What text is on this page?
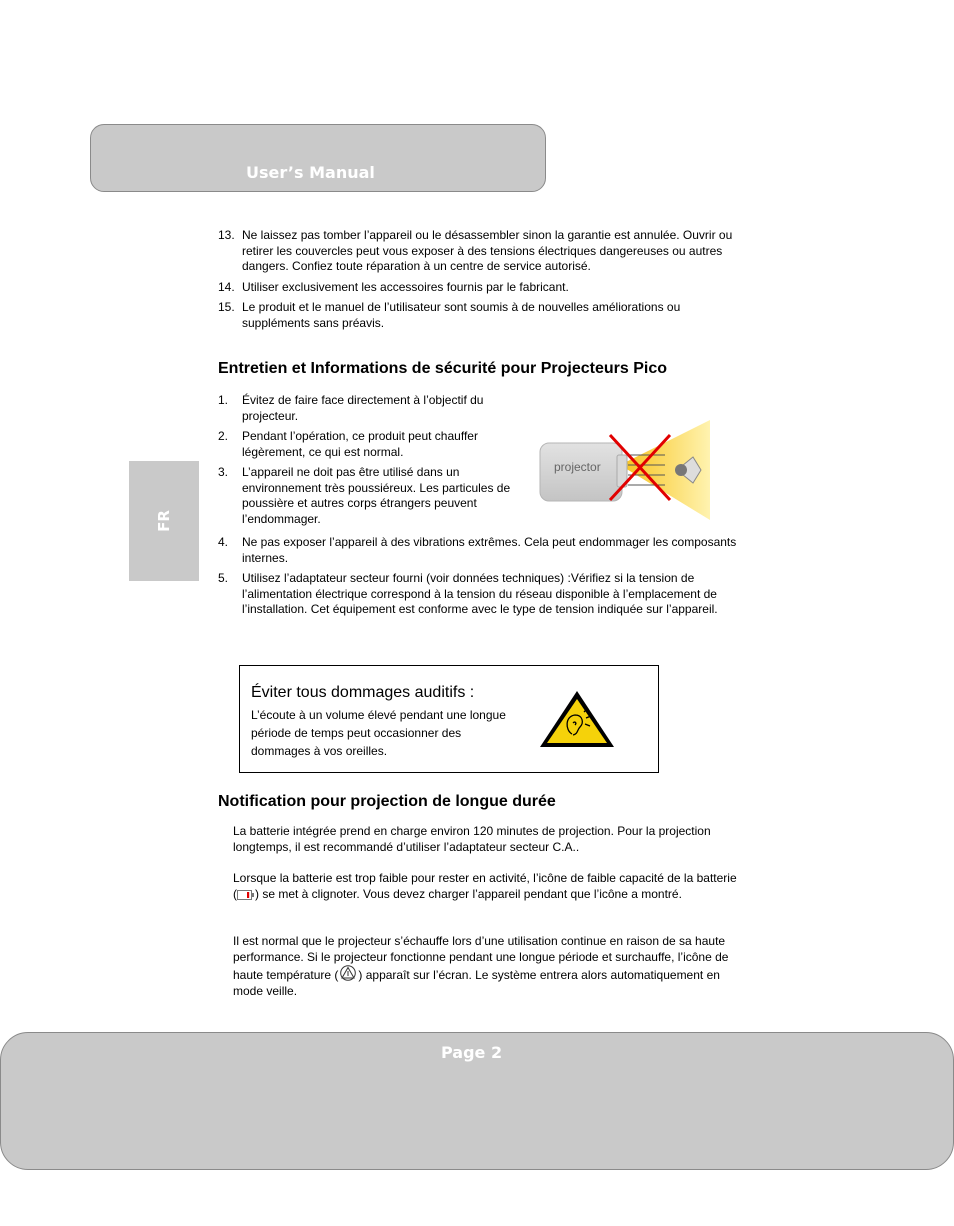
User’s Manual
FR
13. Ne laissez pas tomber l’appareil ou le désassembler sinon la garantie est annulée. Ouvrir ou retirer les couvercles peut vous exposer à des tensions électriques dangereuses ou autres dangers. Confiez toute réparation à un centre de service autorisé.
14. Utiliser exclusivement les accessoires fournis par le fabricant.
15. Le produit et le manuel de l’utilisateur sont soumis à de nouvelles améliorations ou suppléments sans préavis.
Entretien et Informations de sécurité pour Projecteurs Pico
1. Évitez de faire face directement à l’objectif du projecteur.
2. Pendant l’opération, ce produit peut chauffer légèrement, ce qui est normal.
3. L’appareil ne doit pas être utilisé dans un environnement très poussiéreux. Les particules de poussière et autres corps étrangers peuvent l’endommager.
4. Ne pas exposer l’appareil à des vibrations extrêmes. Cela peut endommager les composants internes.
5. Utilisez l’adaptateur secteur fourni (voir données techniques) :Vérifiez si la tension de l’alimentation électrique correspond à la tension du réseau disponible à l’emplacement de l’installation. Cet équipement est conforme avec le type de tension indiquée sur l’appareil.
projector
Éviter tous dommages auditifs :
L’écoute à un volume élevé pendant une longue période de temps peut occasionner des dommages à vos oreilles.
Notification pour projection de longue durée

La batterie intégrée prend en charge environ 120 minutes de projection. Pour la projection longtemps, il est recommandé d’utiliser l’adaptateur secteur C.A..

Lorsque la batterie est trop faible pour rester en activité, l’icône de faible capacité de la batterie ( ) se met à clignoter. Vous devez charger l’appareil pendant que l’icône a montré.

Il est normal que le projecteur s’échauffe lors d’une utilisation continue en raison de sa haute performance. Si le projecteur fonctionne pendant une longue période et surchauffe, l’icône de haute température ( ) apparaît sur l’écran. Le système entrera alors automatiquement en mode veille.

Page 2
